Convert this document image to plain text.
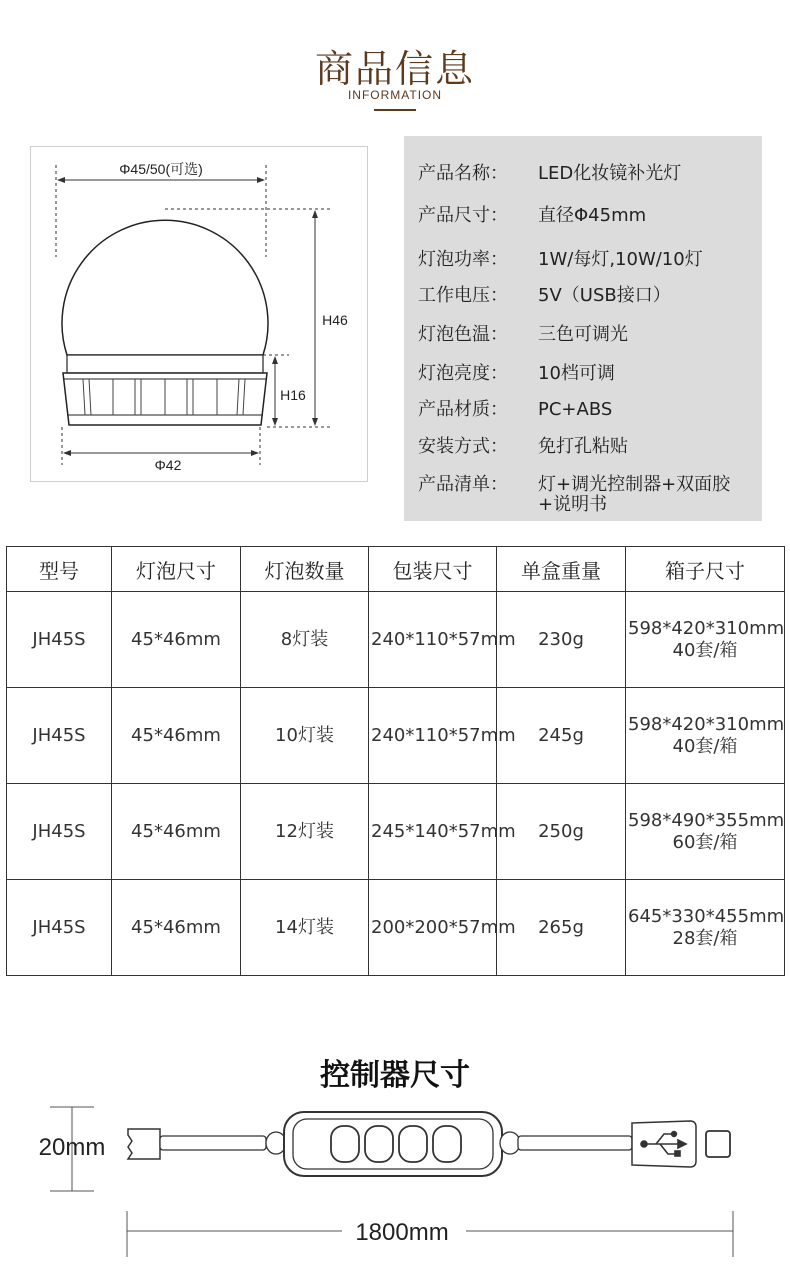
商品信息
INFORMATION
Φ45/50(可选)
H46
H16
Φ42
产品名称： LED化妆镜补光灯
产品尺寸： 直径Φ45mm
灯泡功率： 1W/每灯,10W/10灯
工作电压： 5V（USB接口）
灯泡色温： 三色可调光
灯泡亮度： 10档可调
产品材质： PC+ABS
安装方式： 免打孔粘贴
产品清单： 灯+调光控制器+双面胶+说明书
型号	灯泡尺寸	灯泡数量	包装尺寸	单盒重量	箱子尺寸
JH45S	45*46mm	8灯装	240*110*57mm	230g	598*420*310mm
40套/箱

JH45S	45*46mm	10灯装	240*110*57mm	245g	598*420*310mm
40套/箱

JH45S	45*46mm	12灯装	245*140*57mm	250g	598*490*355mm
60套/箱

JH45S	45*46mm	14灯装	200*200*57mm	265g	645*330*455mm
28套/箱
控制器尺寸
20mm
1800mm
